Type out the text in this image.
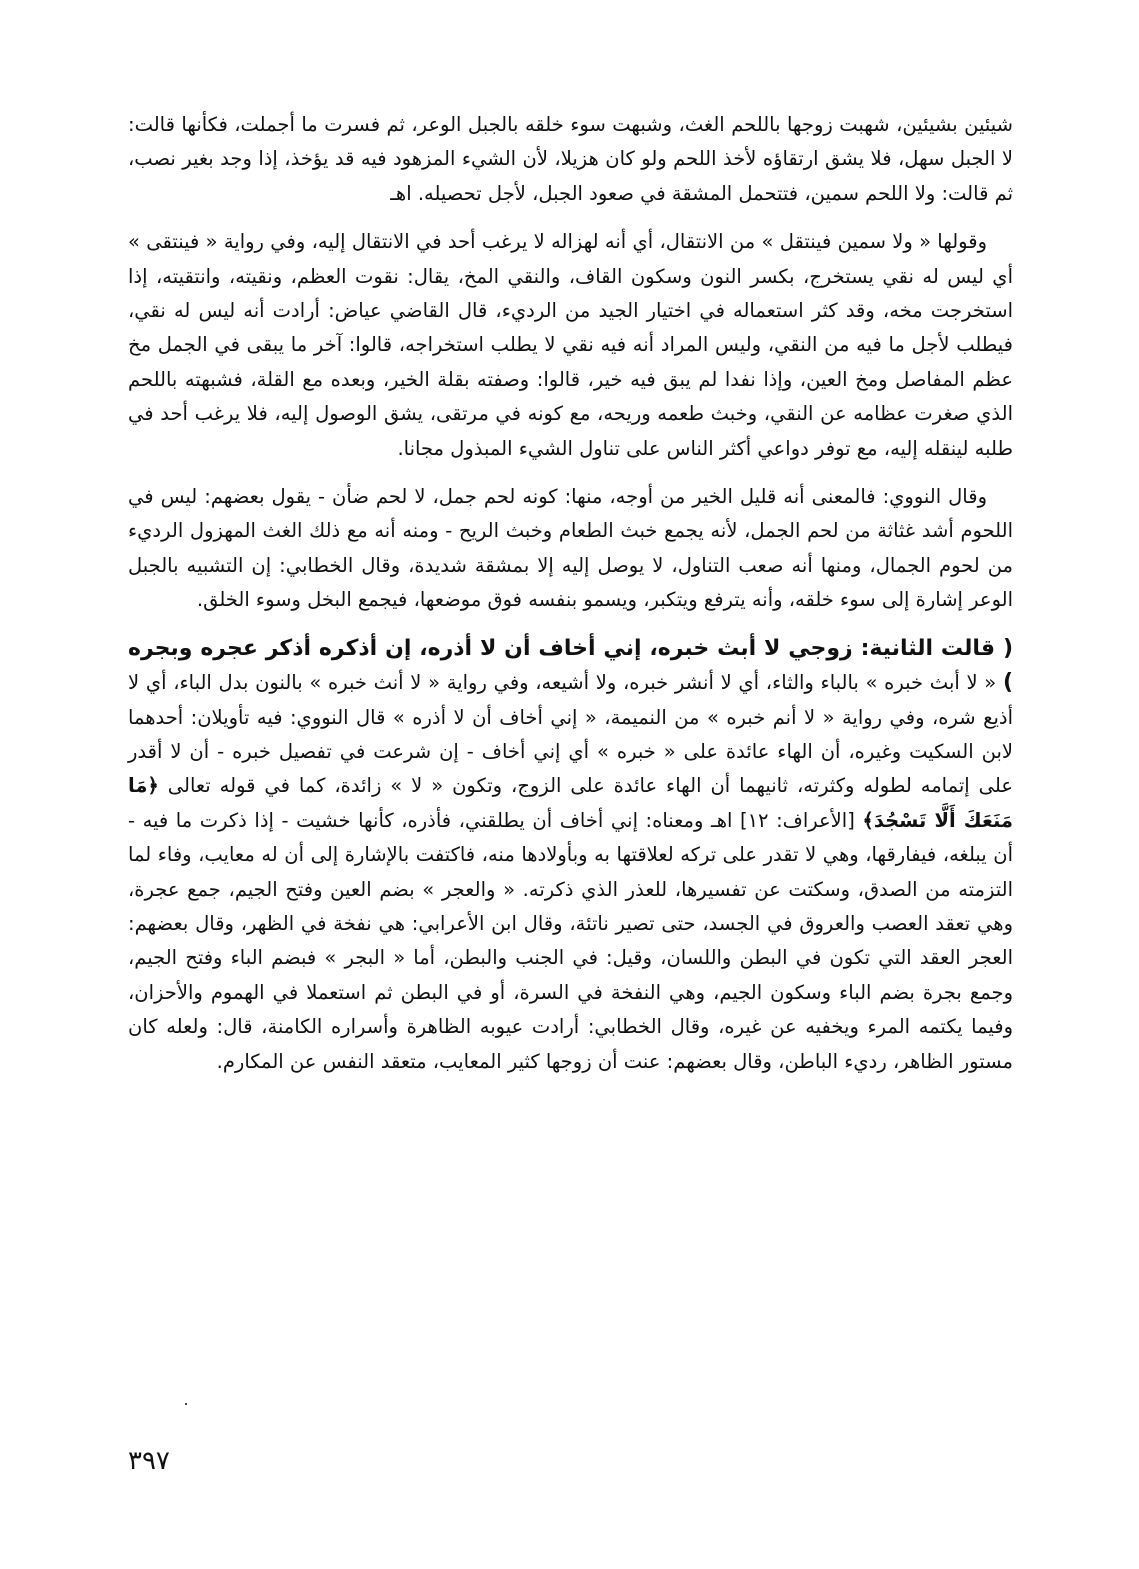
شيئين بشيئين، شهبت زوجها باللحم الغث، وشبهت سوء خلقه بالجبل الوعر، ثم فسرت ما أجملت، فكأنها قالت: لا الجبل سهل، فلا يشق ارتقاؤه لأخذ اللحم ولو كان هزيلا، لأن الشيء المزهود فيه قد يؤخذ، إذا وجد بغير نصب، ثم قالت: ولا اللحم سمين، فتتحمل المشقة في صعود الجبل، لأجل تحصيله. اهـ

وقولها « ولا سمين فينتقل » من الانتقال، أي أنه لهزاله لا يرغب أحد في الانتقال إليه، وفي رواية « فينتقى » أي ليس له نقي يستخرج، بكسر النون وسكون القاف، والنقي المخ، يقال: نقوت العظم، ونقيته، وانتقيته، إذا استخرجت مخه، وقد كثر استعماله في اختيار الجيد من الرديء، قال القاضي عياض: أرادت أنه ليس له نقي، فيطلب لأجل ما فيه من النقي، وليس المراد أنه فيه نقي لا يطلب استخراجه، قالوا: آخر ما يبقى في الجمل مخ عظم المفاصل ومخ العين، وإذا نفدا لم يبق فيه خير، قالوا: وصفته بقلة الخير، وبعده مع القلة، فشبهته باللحم الذي صغرت عظامه عن النقي، وخبث طعمه وريحه، مع كونه في مرتقى، يشق الوصول إليه، فلا يرغب أحد في طلبه لينقله إليه، مع توفر دواعي أكثر الناس على تناول الشيء المبذول مجانا.

وقال النووي: فالمعنى أنه قليل الخير من أوجه، منها: كونه لحم جمل، لا لحم ضأن - يقول بعضهم: ليس في اللحوم أشد غثاثة من لحم الجمل، لأنه يجمع خبث الطعام وخبث الريح - ومنه أنه مع ذلك الغث المهزول الرديء من لحوم الجمال، ومنها أنه صعب التناول، لا يوصل إليه إلا بمشقة شديدة، وقال الخطابي: إن التشبيه بالجبل الوعر إشارة إلى سوء خلقه، وأنه يترفع ويتكبر، ويسمو بنفسه فوق موضعها، فيجمع البخل وسوء الخلق.

( قالت الثانية: زوجي لا أبث خبره، إني أخاف أن لا أذره، إن أذكره أذكر عجره وبجره ) « لا أبث خبره » بالباء والثاء، أي لا أنشر خبره، ولا أشيعه، وفي رواية « لا أنث خبره » بالنون بدل الباء، أي لا أذيع شره، وفي رواية « لا أنم خبره » من النميمة، « إني أخاف أن لا أذره » قال النووي: فيه تأويلان: أحدهما لابن السكيت وغيره، أن الهاء عائدة على « خبره » أي إني أخاف - إن شرعت في تفصيل خبره - أن لا أقدر على إتمامه لطوله وكثرته، ثانيهما أن الهاء عائدة على الزوج، وتكون « لا » زائدة، كما في قوله تعالى ﴿مَا مَنَعَكَ أَلَّا تَسْجُدَ﴾ [الأعراف: ١٢] اهـ ومعناه: إني أخاف أن يطلقني، فأذره، كأنها خشيت - إذا ذكرت ما فيه - أن يبلغه، فيفارقها، وهي لا تقدر على تركه لعلاقتها به وبأولادها منه، فاكتفت بالإشارة إلى أن له معايب، وفاء لما التزمته من الصدق، وسكتت عن تفسيرها، للعذر الذي ذكرته. « والعجر » بضم العين وفتح الجيم، جمع عجرة، وهي تعقد العصب والعروق في الجسد، حتى تصير ناتئة، وقال ابن الأعرابي: هي نفخة في الظهر، وقال بعضهم: العجر العقد التي تكون في البطن واللسان، وقيل: في الجنب والبطن، أما « البجر » فبضم الباء وفتح الجيم، وجمع بجرة بضم الباء وسكون الجيم، وهي النفخة في السرة، أو في البطن ثم استعملا في الهموم والأحزان، وفيما يكتمه المرء ويخفيه عن غيره، وقال الخطابي: أرادت عيوبه الظاهرة وأسراره الكامنة، قال: ولعله كان مستور الظاهر، رديء الباطن، وقال بعضهم: عنت أن زوجها كثير المعايب، متعقد النفس عن المكارم.

٣٩٧
